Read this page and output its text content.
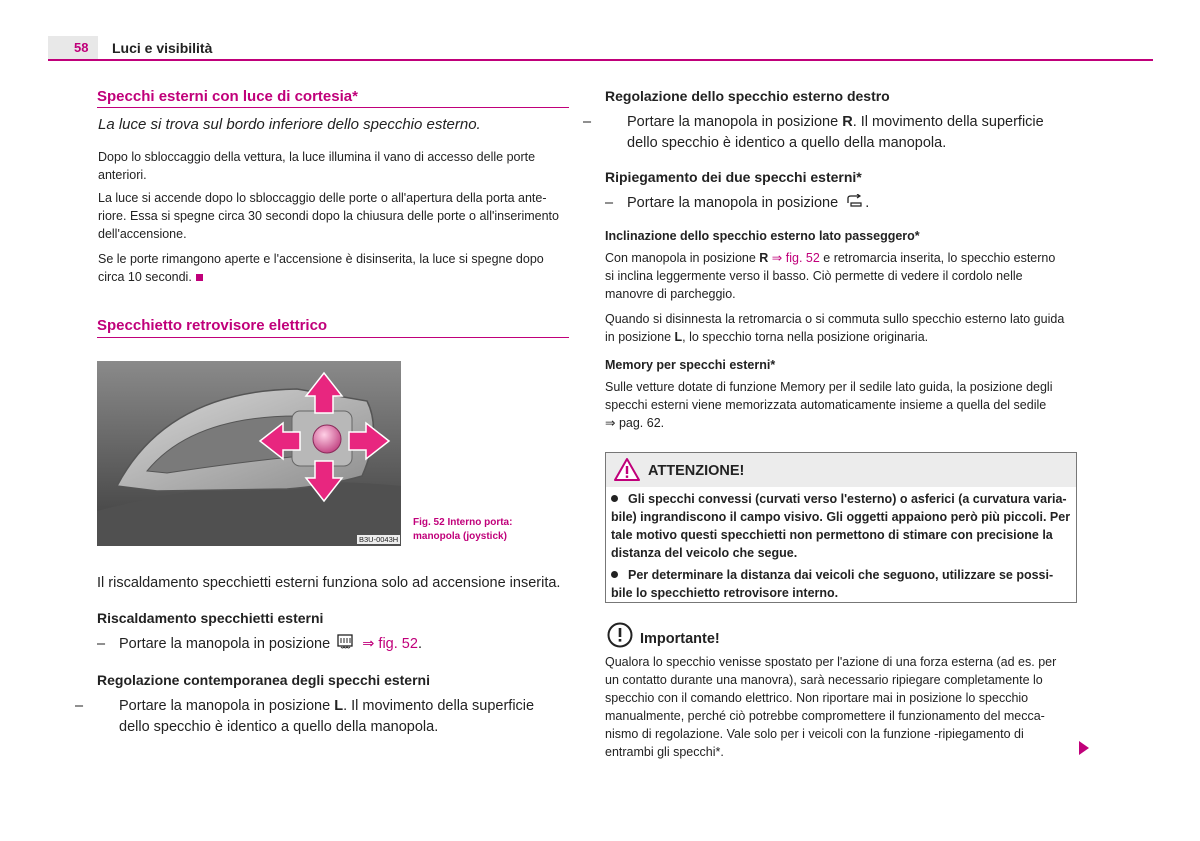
58 Luci e visibilità
Specchi esterni con luce di cortesia*
La luce si trova sul bordo inferiore dello specchio esterno.
Dopo lo sbloccaggio della vettura, la luce illumina il vano di accesso delle porte
anteriori.
La luce si accende dopo lo sbloccaggio delle porte o all'apertura della porta ante-
riore. Essa si spegne circa 30 secondi dopo la chiusura delle porte o all'inserimento
dell'accensione.
Se le porte rimangono aperte e l'accensione è disinserita, la luce si spegne dopo
circa 10 secondi.
Specchietto retrovisore elettrico
B3U-0043H
Fig. 52 Interno porta:
manopola (joystick)
Il riscaldamento specchietti esterni funziona solo ad accensione inserita.
Riscaldamento specchietti esterni
– Portare la manopola in posizione ⇒ fig. 52.
Regolazione contemporanea degli specchi esterni
– Portare la manopola in posizione L. Il movimento della superficie
dello specchio è identico a quello della manopola.
Regolazione dello specchio esterno destro
– Portare la manopola in posizione R. Il movimento della superficie
dello specchio è identico a quello della manopola.
Ripiegamento dei due specchi esterni*
– Portare la manopola in posizione .
Inclinazione dello specchio esterno lato passeggero*
Con manopola in posizione R ⇒ fig. 52 e retromarcia inserita, lo specchio esterno
si inclina leggermente verso il basso. Ciò permette di vedere il cordolo nelle
manovre di parcheggio.
Quando si disinnesta la retromarcia o si commuta sullo specchio esterno lato guida
in posizione L, lo specchio torna nella posizione originaria.
Memory per specchi esterni*
Sulle vetture dotate di funzione Memory per il sedile lato guida, la posizione degli
specchi esterni viene memorizzata automaticamente insieme a quella del sedile
⇒ pag. 62.
ATTENZIONE!
Gli specchi convessi (curvati verso l'esterno) o asferici (a curvatura varia-
bile) ingrandiscono il campo visivo. Gli oggetti appaiono però più piccoli. Per
tale motivo questi specchietti non permettono di stimare con precisione la
distanza del veicolo che segue.
Per determinare la distanza dai veicoli che seguono, utilizzare se possi-
bile lo specchietto retrovisore interno.
Importante!
Qualora lo specchio venisse spostato per l'azione di una forza esterna (ad es. per
un contatto durante una manovra), sarà necessario ripiegare completamente lo
specchio con il comando elettrico. Non riportare mai in posizione lo specchio
manualmente, perché ciò potrebbe compromettere il funzionamento del mecca-
nismo di regolazione. Vale solo per i veicoli con la funzione -ripiegamento di
entrambi gli specchi*.
